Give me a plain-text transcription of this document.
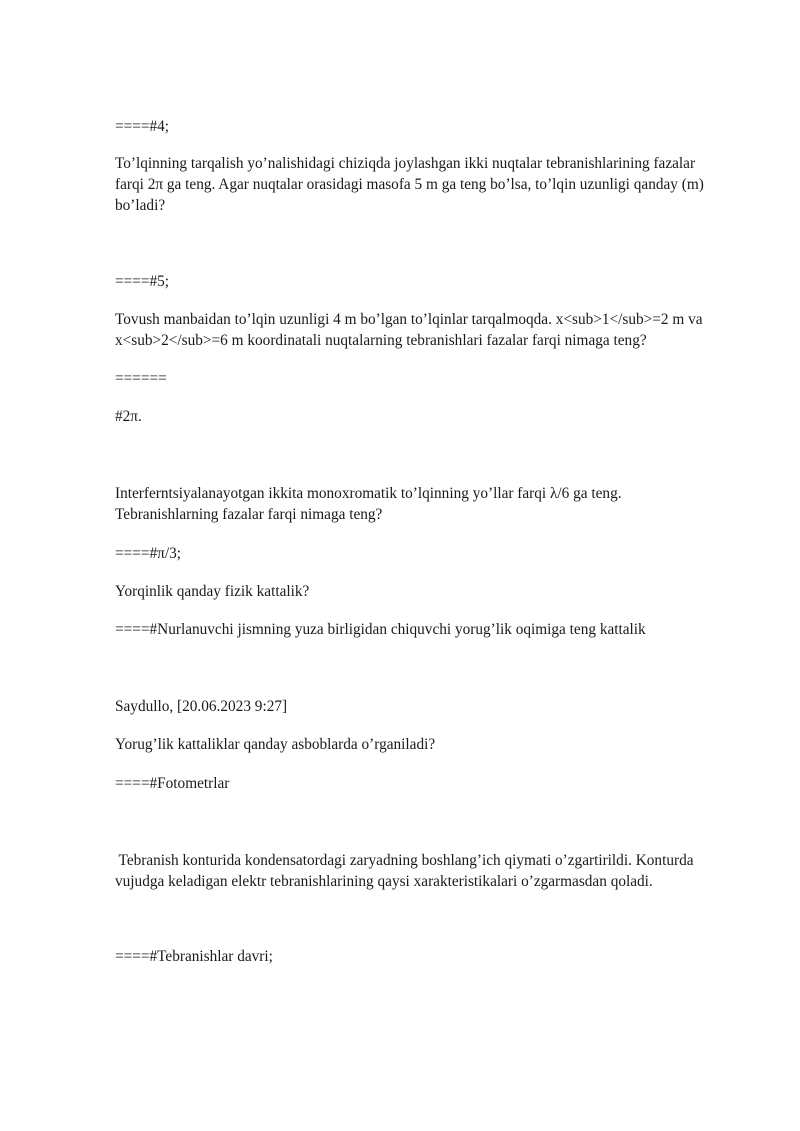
====#4;

To’lqinning tarqalish yo’nalishidagi chiziqda joylashgan ikki nuqtalar tebranishlarining fazalar

farqi 2π ga teng. Agar nuqtalar orasidagi masofa 5 m ga teng bo’lsa, to’lqin uzunligi qanday (m)

bo’ladi?

====#5;

Tovush manbaidan to’lqin uzunligi 4 m bo’lgan to’lqinlar tarqalmoqda. x<sub>1</sub>=2 m va

x<sub>2</sub>=6 m koordinatali nuqtalarning tebranishlari fazalar farqi nimaga teng?

======

#2π.

Interferntsiyalanayotgan ikkita monoxromatik to’lqinning yo’llar farqi λ/6 ga teng.

Tebranishlarning fazalar farqi nimaga teng?

====#π/3;

Yorqinlik qanday fizik kattalik?

====#Nurlanuvchi jismning yuza birligidan chiquvchi yorug’lik oqimiga teng kattalik

Saydullo, [20.06.2023 9:27]

Yorug’lik kattaliklar qanday asboblarda o’rganiladi?

====#Fotometrlar

Tebranish konturida kondensatordagi zaryadning boshlang’ich qiymati o’zgartirildi. Konturda

vujudga keladigan elektr tebranishlarining qaysi xarakteristikalari o’zgarmasdan qoladi.

====#Tebranishlar davri;
